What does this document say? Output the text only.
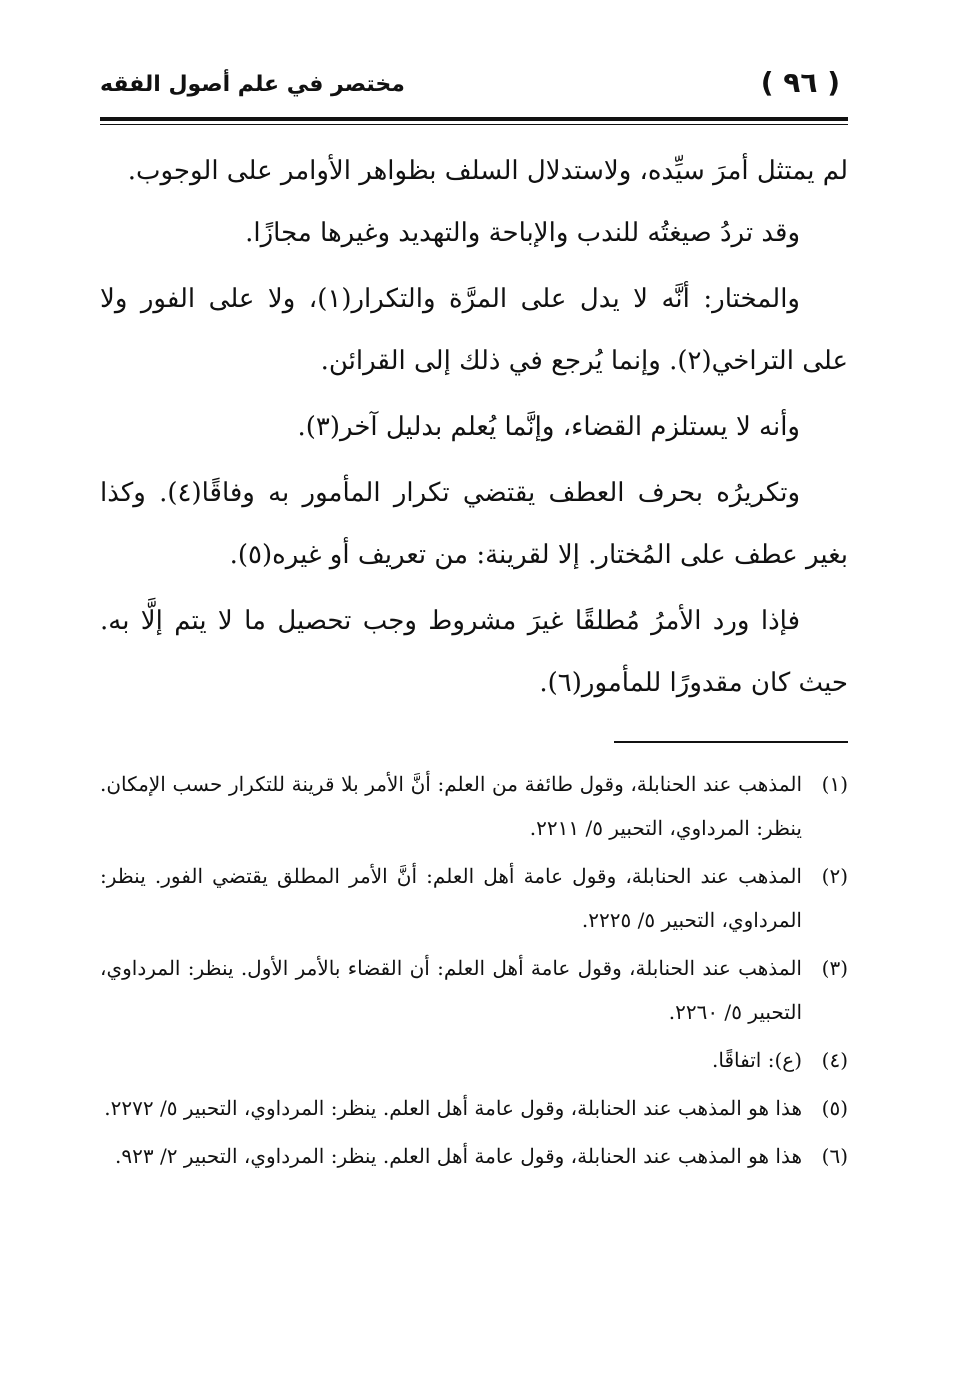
( ٩٦ )
مختصر في علم أصول الفقه

لم يمتثل أمرَ سيِّده، ولاستدلال السلف بظواهر الأوامر على الوجوب.

وقد تردُ صيغتُه للندب والإباحة والتهديد وغيرها مجازًا.

والمختار: أنَّه لا يدل على المرَّة والتكرار(١)، ولا على الفور ولا على التراخي(٢). وإنما يُرجع في ذلك إلى القرائن.

وأنه لا يستلزم القضاء، وإنَّما يُعلم بدليل آخر(٣).

وتكريرُه بحرف العطف يقتضي تكرار المأمور به وفاقًا(٤). وكذا بغير عطف على المُختار. إلا لقرينة: من تعريف أو غيره(٥).

فإذا ورد الأمرُ مُطلقًا غيرَ مشروط وجب تحصيل ما لا يتم إلَّا به. حيث كان مقدورًا للمأمور(٦).

(١)
المذهب عند الحنابلة، وقول طائفة من العلم: أنَّ الأمر بلا قرينة للتكرار حسب الإمكان. ينظر: المرداوي، التحبير ٥/ ٢٢١١.
(٢)
المذهب عند الحنابلة، وقول عامة أهل العلم: أنَّ الأمر المطلق يقتضي الفور. ينظر: المرداوي، التحبير ٥/ ٢٢٢٥.
(٣)
المذهب عند الحنابلة، وقول عامة أهل العلم: أن القضاء بالأمر الأول. ينظر: المرداوي، التحبير ٥/ ٢٢٦٠.
(٤)
(ع): اتفاقًا.
(٥)
هذا هو المذهب عند الحنابلة، وقول عامة أهل العلم. ينظر: المرداوي، التحبير ٥/ ٢٢٧٢.
(٦)
هذا هو المذهب عند الحنابلة، وقول عامة أهل العلم. ينظر: المرداوي، التحبير ٢/ ٩٢٣.
